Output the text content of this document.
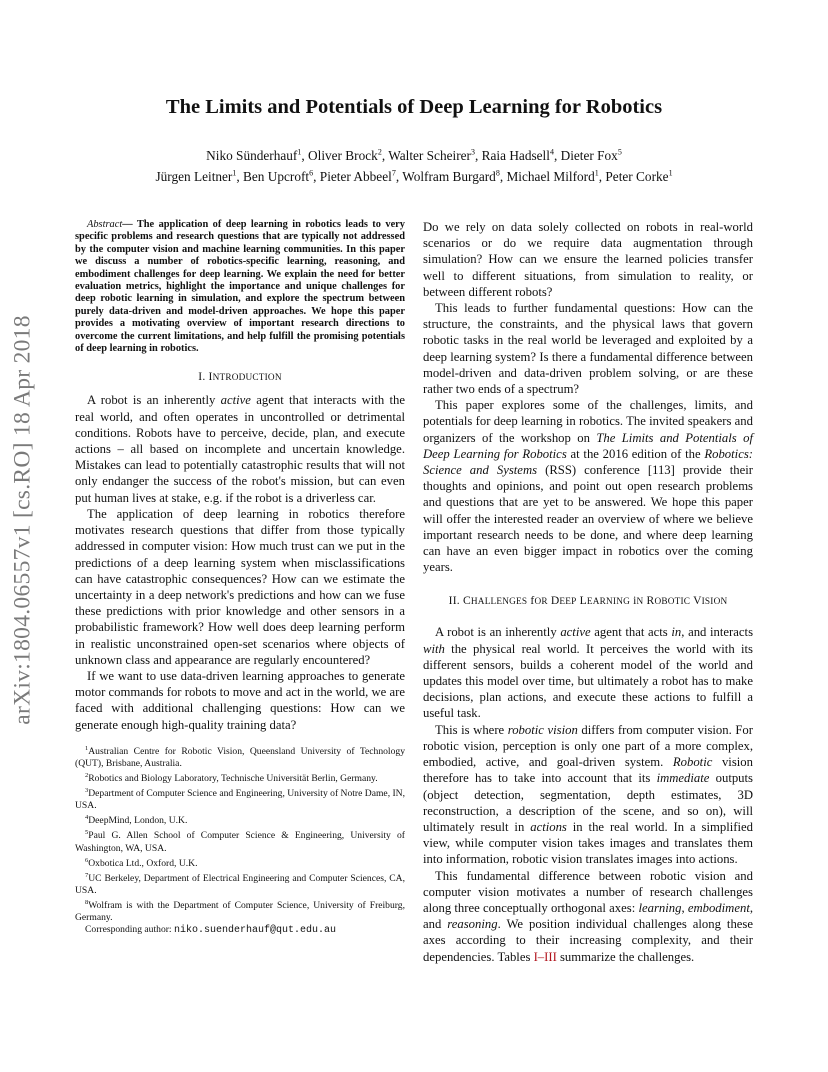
arXiv:1804.06557v1 [cs.RO] 18 Apr 2018
The Limits and Potentials of Deep Learning for Robotics
Niko Sünderhauf$^1$, Oliver Brock$^2$, Walter Scheirer$^3$, Raia Hadsell$^4$, Dieter Fox$^5$
Jürgen Leitner$^1$, Ben Upcroft$^6$, Pieter Abbeel$^7$, Wolfram Burgard$^8$, Michael Milford$^1$, Peter Corke$^1$

Abstract— The application of deep learning in robotics leads to very specific problems and research questions that are typically not addressed by the computer vision and machine learning communities. In this paper we discuss a number of robotics-specific learning, reasoning, and embodiment challenges for deep learning. We explain the need for better evaluation metrics, highlight the importance and unique challenges for deep robotic learning in simulation, and explore the spectrum between purely data-driven and model-driven approaches. We hope this paper provides a motivating overview of important research directions to overcome the current limitations, and help fulfill the promising potentials of deep learning in robotics.

I. INTRODUCTION

A robot is an inherently active agent that interacts with the real world, and often operates in uncontrolled or detrimental conditions. Robots have to perceive, decide, plan, and execute actions – all based on incomplete and uncertain knowledge. Mistakes can lead to potentially catastrophic results that will not only endanger the success of the robot's mission, but can even put human lives at stake, e.g. if the robot is a driverless car.

The application of deep learning in robotics therefore motivates research questions that differ from those typically addressed in computer vision: How much trust can we put in the predictions of a deep learning system when misclassifications can have catastrophic consequences? How can we estimate the uncertainty in a deep network's predictions and how can we fuse these predictions with prior knowledge and other sensors in a probabilistic framework? How well does deep learning perform in realistic unconstrained open-set scenarios where objects of unknown class and appearance are regularly encountered?

If we want to use data-driven learning approaches to generate motor commands for robots to move and act in the world, we are faced with additional challenging questions: How can we generate enough high-quality training data?

$^1$Australian Centre for Robotic Vision, Queensland University of Technology (QUT), Brisbane, Australia.
$^2$Robotics and Biology Laboratory, Technische Universität Berlin, Germany.
$^3$Department of Computer Science and Engineering, University of Notre Dame, IN, USA.
$^4$DeepMind, London, U.K.
$^5$Paul G. Allen School of Computer Science & Engineering, University of Washington, WA, USA.
$^6$Oxbotica Ltd., Oxford, U.K.
$^7$UC Berkeley, Department of Electrical Engineering and Computer Sciences, CA, USA.
$^8$Wolfram is with the Department of Computer Science, University of Freiburg, Germany.
Corresponding author: niko.suenderhauf@qut.edu.au

Do we rely on data solely collected on robots in real-world scenarios or do we require data augmentation through simulation? How can we ensure the learned policies transfer well to different situations, from simulation to reality, or between different robots?

This leads to further fundamental questions: How can the structure, the constraints, and the physical laws that govern robotic tasks in the real world be leveraged and exploited by a deep learning system? Is there a fundamental difference between model-driven and data-driven problem solving, or are these rather two ends of a spectrum?

This paper explores some of the challenges, limits, and potentials for deep learning in robotics. The invited speakers and organizers of the workshop on The Limits and Potentials of Deep Learning for Robotics at the 2016 edition of the Robotics: Science and Systems (RSS) conference [113] provide their thoughts and opinions, and point out open research problems and questions that are yet to be answered. We hope this paper will offer the interested reader an overview of where we believe important research needs to be done, and where deep learning can have an even bigger impact in robotics over the coming years.

II. CHALLENGES fOR DEEP LEARNING iN ROBOTIC VISION

A robot is an inherently active agent that acts in, and interacts with the physical real world. It perceives the world with its different sensors, builds a coherent model of the world and updates this model over time, but ultimately a robot has to make decisions, plan actions, and execute these actions to fulfill a useful task.

This is where robotic vision differs from computer vision. For robotic vision, perception is only one part of a more complex, embodied, active, and goal-driven system. Robotic vision therefore has to take into account that its immediate outputs (object detection, segmentation, depth estimates, 3D reconstruction, a description of the scene, and so on), will ultimately result in actions in the real world. In a simplified view, while computer vision takes images and translates them into information, robotic vision translates images into actions.

This fundamental difference between robotic vision and computer vision motivates a number of research challenges along three conceptually orthogonal axes: learning, embodiment, and reasoning. We position individual challenges along these axes according to their increasing complexity, and their dependencies. Tables I–III summarize the challenges.
